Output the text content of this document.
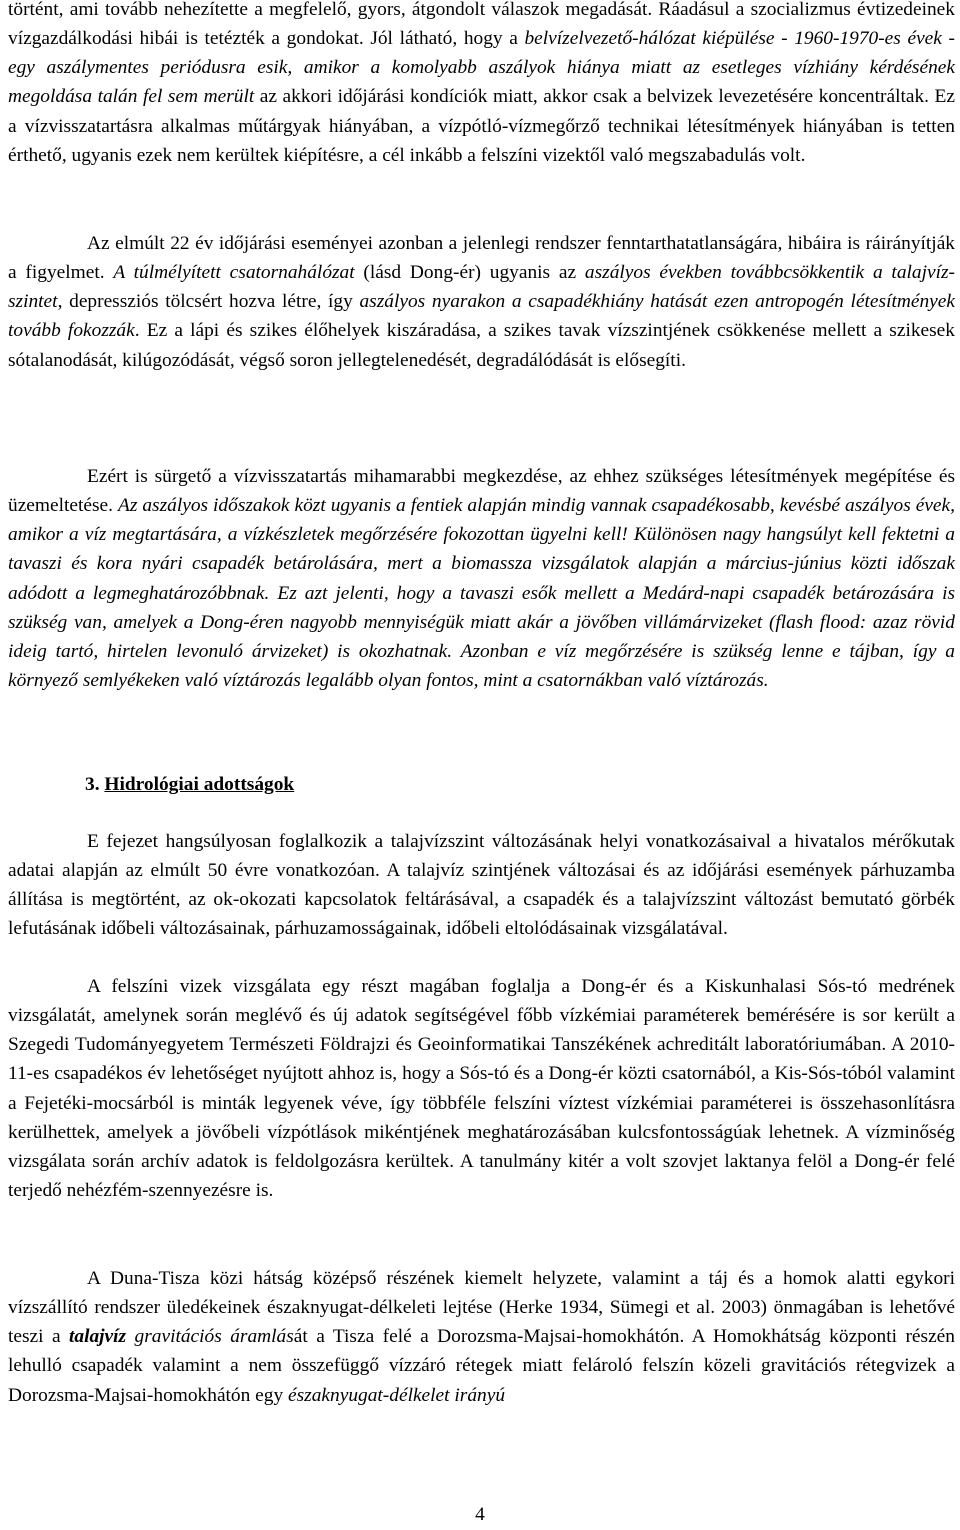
történt, ami tovább nehezítette a megfelelő, gyors, átgondolt válaszok megadását. Ráadásul a szocializmus évtizedeinek vízgazdálkodási hibái is tetézték a gondokat. Jól látható, hogy a belvízelvezető-hálózat kiépülése - 1960-1970-es évek - egy aszálymentes periódusra esik, amikor a komolyabb aszályok hiánya miatt az esetleges vízhiány kérdésének megoldása talán fel sem merült az akkori időjárási kondíciók miatt, akkor csak a belvizek levezetésére koncentráltak. Ez a vízvisszatartásra alkalmas műtárgyak hiányában, a vízpótló-vízmegőrző technikai létesítmények hiányában is tetten érthető, ugyanis ezek nem kerültek kiépítésre, a cél inkább a felszíni vizektől való megszabadulás volt.

Az elmúlt 22 év időjárási eseményei azonban a jelenlegi rendszer fenntarthatatlanságára, hibáira is ráirányítják a figyelmet. A túlmélyített csatornahálózat (lásd Dong-ér) ugyanis az aszályos években továbbcsökkentik a talajvíz-szintet, depressziós tölcsért hozva létre, így aszályos nyarakon a csapadékhiány hatását ezen antropogén létesítmények tovább fokozzák. Ez a lápi és szikes élőhelyek kiszáradása, a szikes tavak vízszintjének csökkenése mellett a szikesek sótalanodását, kilúgozódását, végső soron jellegtelenedését, degradálódását is elősegíti.

Ezért is sürgető a vízvisszatartás mihamarabbi megkezdése, az ehhez szükséges létesítmények megépítése és üzemeltetése. Az aszályos időszakok közt ugyanis a fentiek alapján mindig vannak csapadékosabb, kevésbé aszályos évek, amikor a víz megtartására, a vízkészletek megőrzésére fokozottan ügyelni kell! Különösen nagy hangsúlyt kell fektetni a tavaszi és kora nyári csapadék betárolására, mert a biomassza vizsgálatok alapján a március-június közti időszak adódott a legmeghatározóbbnak. Ez azt jelenti, hogy a tavaszi esők mellett a Medárd-napi csapadék betározására is szükség van, amelyek a Dong-éren nagyobb mennyiségük miatt akár a jövőben villámárvizeket (flash flood: azaz rövid ideig tartó, hirtelen levonuló árvizeket) is okozhatnak. Azonban e víz megőrzésére is szükség lenne e tájban, így a környező semlyékeken való víztározás legalább olyan fontos, mint a csatornákban való víztározás.

3. Hidrológiai adottságok

E fejezet hangsúlyosan foglalkozik a talajvízszint változásának helyi vonatkozásaival a hivatalos mérőkutak adatai alapján az elmúlt 50 évre vonatkozóan. A talajvíz szintjének változásai és az időjárási események párhuzamba állítása is megtörtént, az ok-okozati kapcsolatok feltárásával, a csapadék és a talajvízszint változást bemutató görbék lefutásának időbeli változásainak, párhuzamosságainak, időbeli eltolódásainak vizsgálatával.

A felszíni vizek vizsgálata egy részt magában foglalja a Dong-ér és a Kiskunhalasi Sós-tó medrének vizsgálatát, amelynek során meglévő és új adatok segítségével főbb vízkémiai paraméterek bemérésére is sor került a Szegedi Tudományegyetem Természeti Földrajzi és Geoinformatikai Tanszékének achreditált laboratóriumában. A 2010-11-es csapadékos év lehetőséget nyújtott ahhoz is, hogy a Sós-tó és a Dong-ér közti csatornából, a Kis-Sós-tóból valamint a Fejetéki-mocsárból is minták legyenek véve, így többféle felszíni víztest vízkémiai paraméterei is összehasonlításra kerülhettek, amelyek a jövőbeli vízpótlások mikéntjének meghatározásában kulcsfontosságúak lehetnek. A vízminőség vizsgálata során archív adatok is feldolgozásra kerültek. A tanulmány kitér a volt szovjet laktanya felöl a Dong-ér felé terjedő nehézfém-szennyezésre is.

A Duna-Tisza közi hátság középső részének kiemelt helyzete, valamint a táj és a homok alatti egykori vízszállító rendszer üledékeinek északnyugat-délkeleti lejtése (Herke 1934, Sümegi et al. 2003) önmagában is lehetővé teszi a talajvíz gravitációs áramlását a Tisza felé a Dorozsma-Majsai-homokhátón. A Homokhátság központi részén lehulló csapadék valamint a nem összefüggő vízzáró rétegek miatt felároló felszín közeli gravitációs rétegvizek a Dorozsma-Majsai-homokhátón egy északnyugat-délkelet irányú

4
